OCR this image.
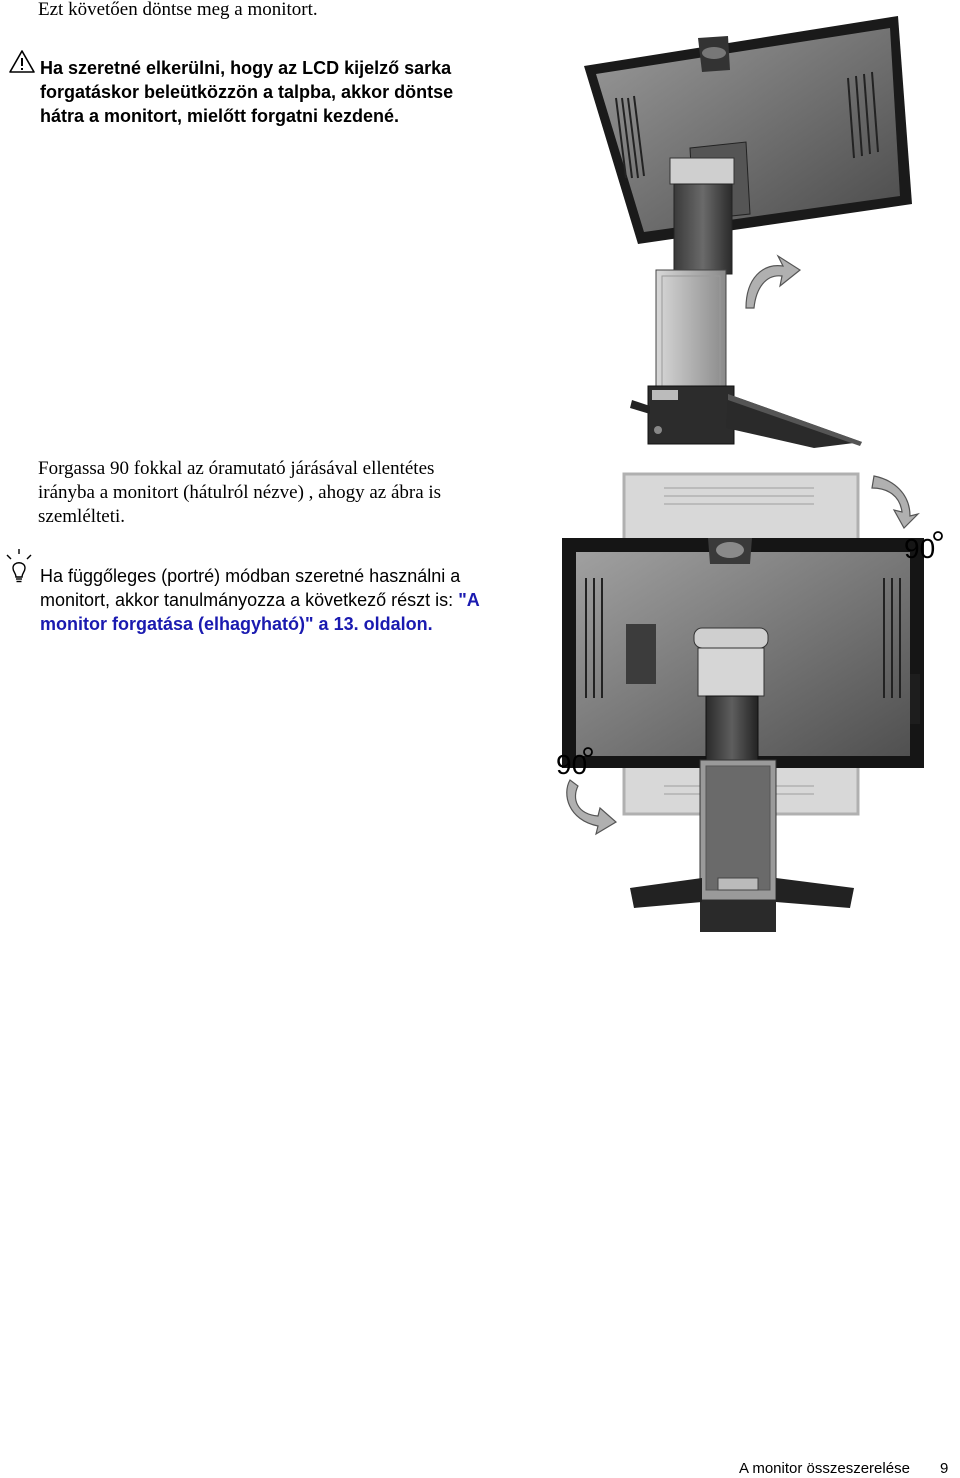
Ezt követően döntse meg a monitort.
Ha szeretné elkerülni, hogy az LCD kijelző sarka
forgatáskor beleütközzön a talpba, akkor döntse
hátra a monitort, mielőtt forgatni kezdené.
Forgassa 90 fokkal az óramutató járásával ellentétes
irányba a monitort (hátulról nézve) , ahogy az ábra is
szemlélteti.
Ha függőleges (portré) módban szeretné használni a
monitort, akkor tanulmányozza a következő részt is: "A
monitor forgatása (elhagyható)" a 13. oldalon.
90
90
A monitor összeszerelése 9
